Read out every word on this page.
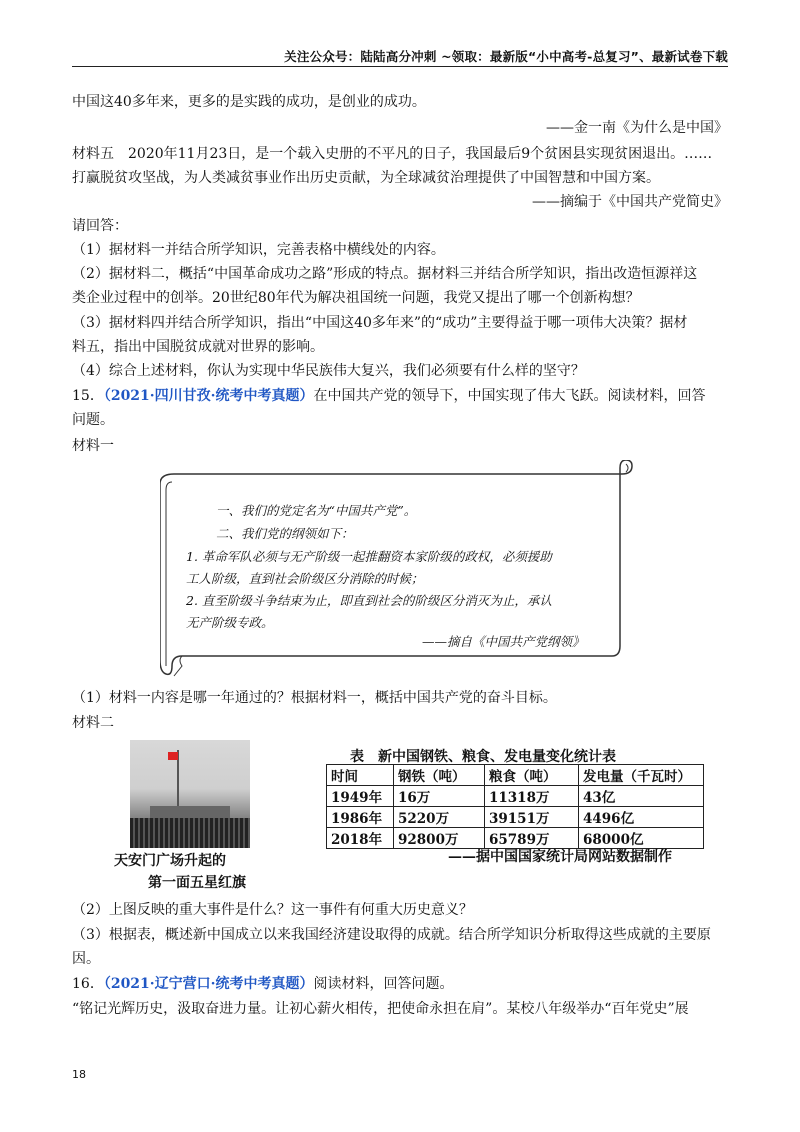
关注公众号：陆陆高分冲刺 ~领取：最新版“小中高考-总复习”、最新试卷下载
中国这40多年来，更多的是实践的成功，是创业的成功。
——金一南《为什么是中国》
材料五　2020年11月23日，是一个载入史册的不平凡的日子，我国最后9个贫困县实现贫困退出。……
打赢脱贫攻坚战，为人类减贫事业作出历史贡献，为全球减贫治理提供了中国智慧和中国方案。
——摘编于《中国共产党简史》
请回答：
（1）据材料一并结合所学知识，完善表格中横线处的内容。
（2）据材料二，概括“中国革命成功之路”形成的特点。据材料三并结合所学知识，指出改造恒源祥这
类企业过程中的创举。20世纪80年代为解决祖国统一问题，我党又提出了哪一个创新构想？
（3）据材料四并结合所学知识，指出“中国这40多年来”的“成功”主要得益于哪一项伟大决策？据材
料五，指出中国脱贫成就对世界的影响。
（4）综合上述材料，你认为实现中华民族伟大复兴，我们必须要有什么样的坚守？
15．（2021·四川甘孜·统考中考真题）在中国共产党的领导下，中国实现了伟大飞跃。阅读材料，回答
问题。
材料一
一、我们的党定名为“中国共产党”。
二、我们党的纲领如下：
1. 革命军队必须与无产阶级一起推翻资本家阶级的政权，必须援助
工人阶级，直到社会阶级区分消除的时候；
2. 直至阶级斗争结束为止，即直到社会的阶级区分消灭为止，承认
无产阶级专政。
——摘自《中国共产党纲领》
（1）材料一内容是哪一年通过的？根据材料一，概括中国共产党的奋斗目标。
材料二
天安门广场升起的
第一面五星红旗
表　新中国钢铁、粮食、发电量变化统计表
时间	钢铁（吨）	粮食（吨）	发电量（千瓦时）
1949年	16万	11318万	43亿
1986年	5220万	39151万	4496亿
2018年	92800万	65789万	68000亿
——据中国国家统计局网站数据制作
（2）上图反映的重大事件是什么？这一事件有何重大历史意义？
（3）根据表，概述新中国成立以来我国经济建设取得的成就。结合所学知识分析取得这些成就的主要原
因。
16．（2021·辽宁营口·统考中考真题）阅读材料，回答问题。
“铭记光辉历史，汲取奋进力量。让初心薪火相传，把使命永担在肩”。某校八年级举办“百年党史”展
18
